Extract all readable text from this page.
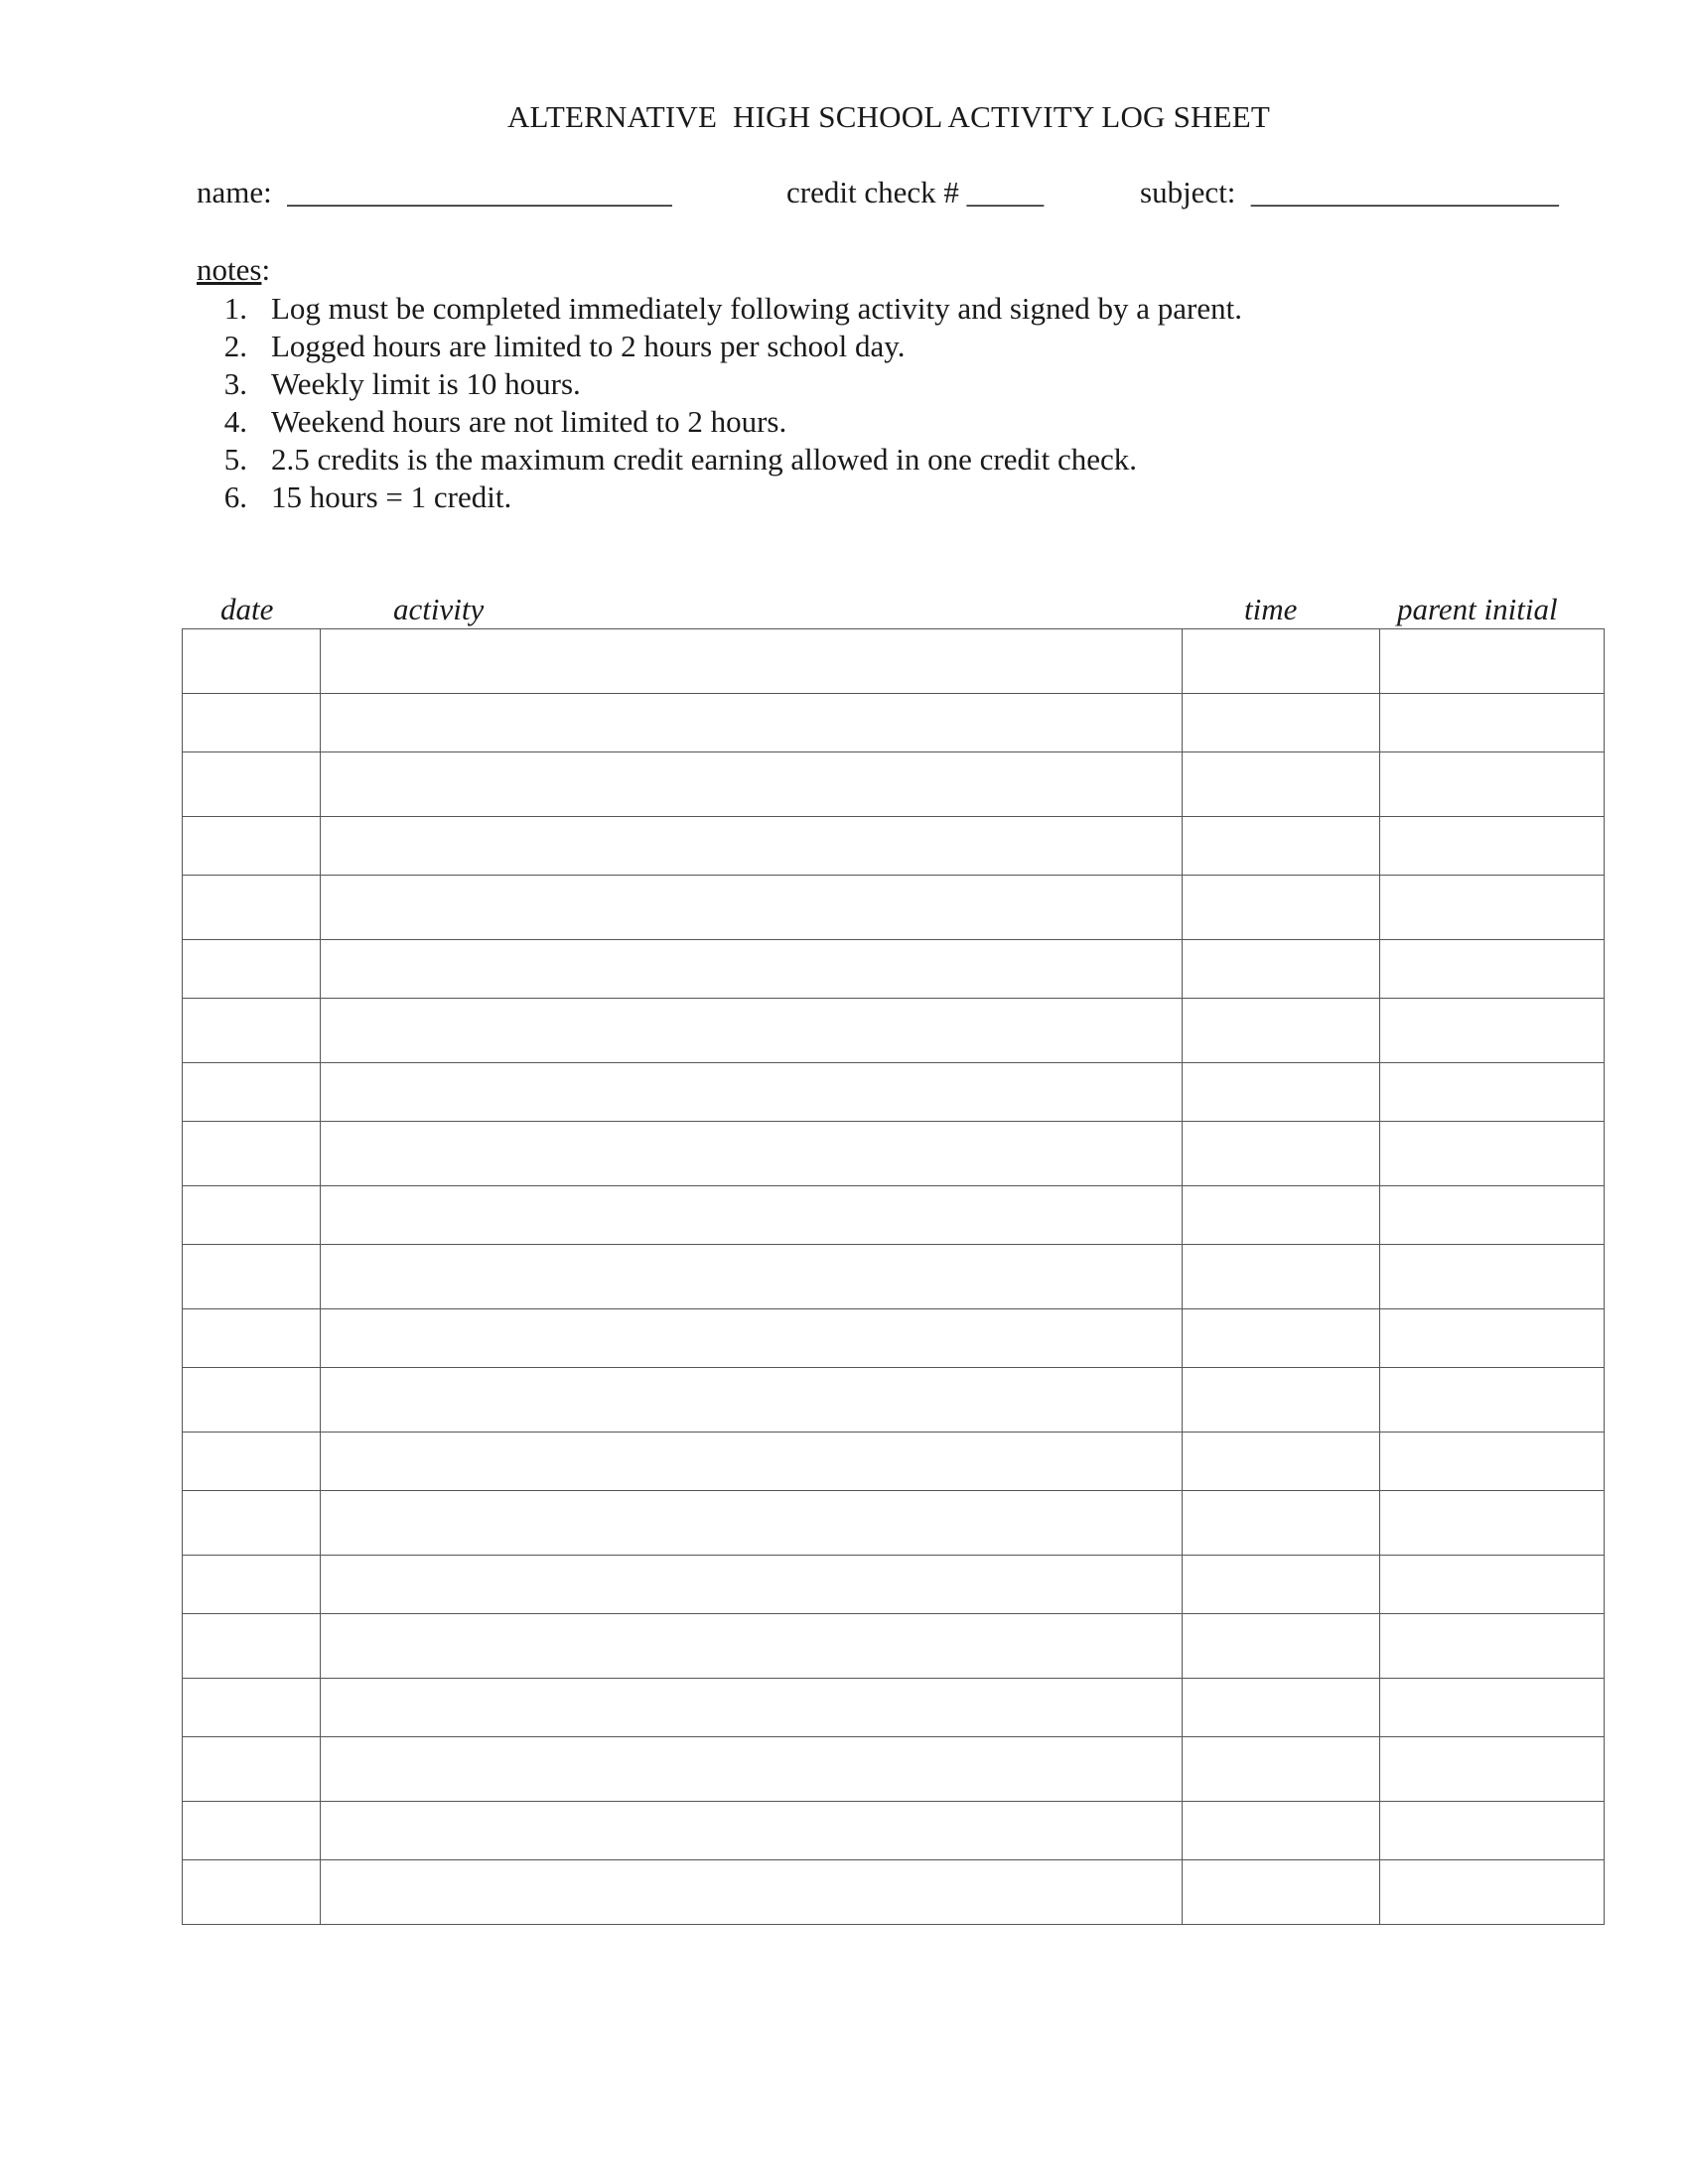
ALTERNATIVE  HIGH SCHOOL ACTIVITY LOG SHEET
name:  _________________________	credit check # _____	subject:  ____________________
notes:
1. Log must be completed immediately following activity and signed by a parent.
2. Logged hours are limited to 2 hours per school day.
3. Weekly limit is 10 hours.
4. Weekend hours are not limited to 2 hours.
5. 2.5 credits is the maximum credit earning allowed in one credit check.
6. 15 hours = 1 credit.
date	activity	time	parent initial
